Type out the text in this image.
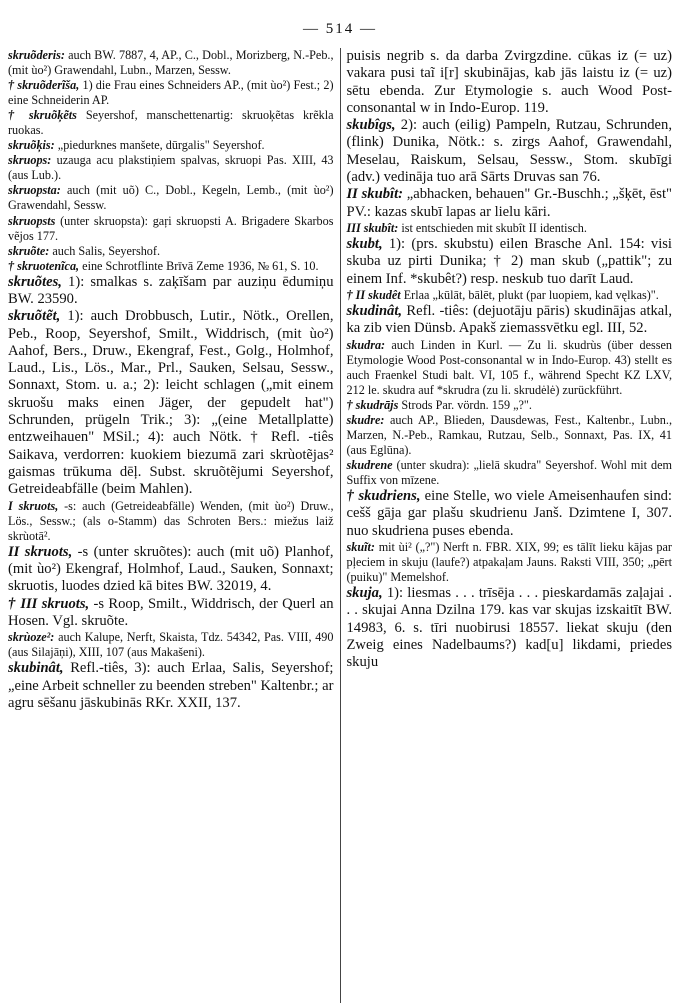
— 514 —

skruõderis: auch BW. 7887, 4, AP., C., Dobl., Morizberg, N.-Peb., (mit ùo²) Grawendahl, Lubn., Marzen, Sessw.

† skruõderĩša, 1) die Frau eines Schneiders AP., (mit ùo²) Fest.; 2) eine Schneiderin AP.

† skruõķẽts Seyershof, manschettenartig: skruoķẽtas krẽkla ruokas.

skruõķis: „piedurknes manšete, dūrgalis" Seyershof.

skruops: uzauga acu plakstiņiem spalvas, skruopi Pas. XIII, 43 (aus Lub.).

skruopsta: auch (mit uõ) C., Dobl., Kegeln, Lemb., (mit ùo²) Grawendahl, Sessw.

skruopsts (unter skruopsta): gaŗi skruopsti A. Brigadere Skarbos vẽjos 177.

skruõte: auch Salis, Seyershof.

† skruotenĩca, eine Schrotflinte Brīvā Zeme 1936, № 61, S. 10.

skruõtes, 1): smalkas s. zaķīšam par auziņu ēdumiņu BW. 23590.

skruõtẽt, 1): auch Drobbusch, Lutir., Nötk., Orellen, Peb., Roop, Seyershof, Smilt., Widdrisch, (mit ùo²) Aahof, Bers., Druw., Ekengraf, Fest., Golg., Holmhof, Laud., Lis., Lös., Mar., Prl., Sauken, Selsau, Sessw., Sonnaxt, Stom. u. a.; 2): leicht schlagen („mit einem skruošu maks einen Jäger, der gepudelt hat") Schrunden, prügeln Trik.; 3): „(eine Metallplatte) entzweihauen" MSil.; 4): auch Nötk. † Refl. -tiês Saikava, verdorren: kuokiem biezumā zari skrùotẽjas² gaismas trūkuma dēļ. Subst. skruõtẽjumi Seyershof, Getreideabfälle (beim Mahlen).

I skruots, -s: auch (Getreideabfälle) Wenden, (mit ùo²) Druw., Lös., Sessw.; (als o-Stamm) das Schroten Bers.: miežus laiž skrùotā².

II skruots, -s (unter skruõtes): auch (mit uõ) Planhof, (mit ùo²) Ekengraf, Holmhof, Laud., Sauken, Sonnaxt; skruotis, luodes dzied kā bites BW. 32019, 4.

† III skruots, -s Roop, Smilt., Widdrisch, der Querl an Hosen. Vgl. skruõte.

skrùoze²: auch Kalupe, Nerft, Skaista, Tdz. 54342, Pas. VIII, 490 (aus Silajāņi), XIII, 107 (aus Makašeni).

skubinât, Refl.-tiês, 3): auch Erlaa, Salis, Seyershof; „eine Arbeit schneller zu beenden streben" Kaltenbr.; ar agru sēšanu jāskubinās RKr. XXII, 137.

puisis negrib s. da darba Zvirgzdine. cūkas iz (= uz) vakara pusi taĩ i[r] skubinājas, kab jās laistu iz (= uz) sētu ebenda. Zur Etymologie s. auch Wood Post-consonantal w in Indo-Europ. 119.

skubîgs, 2): auch (eilig) Pampeln, Rutzau, Schrunden, (flink) Dunika, Nötk.: s. zirgs Aahof, Grawendahl, Meselau, Raiskum, Selsau, Sessw., Stom. skubīgi (adv.) vedināja tuo arā Sārts Druvas san 76.

II skubît: „abhacken, behauen" Gr.-Buschh.; „šķēt, ēst" PV.: kazas skubī lapas ar lielu kāri.

III skubît: ist entschieden mit skubît II identisch.

skubt, 1): (prs. skubstu) eilen Brasche Anl. 154: visi skuba uz pirti Dunika; † 2) man skub („pattik"; zu einem Inf. *skubêt?) resp. neskub tuo darīt Laud.

† II skudêt Erlaa „kūlāt, bālēt, plukt (par luopiem, kad vęlkas)".

skudinât, Refl. -tiês: (dejuotāju pāris) skudinājas atkal, ka zib vien Dünsb. Apakš ziemassvētku egl. III, 52.

skudra: auch Linden in Kurl. — Zu li. skudrùs (über dessen Etymologie Wood Post-consonantal w in Indo-Europ. 43) stellt es auch Fraenkel Studi balt. VI, 105 f., während Specht KZ LXV, 212 le. skudra auf *skrudra (zu li. skrudėlė) zurückführt.

† skudrājs Strods Par. vördn. 159 „?".

skudre: auch AP., Blieden, Dausdewas, Fest., Kaltenbr., Lubn., Marzen, N.-Peb., Ramkau, Rutzau, Selb., Sonnaxt, Pas. IX, 41 (aus Eglūna).

skudrene (unter skudra): „lielā skudra" Seyershof. Wohl mit dem Suffix von mīzene.

† skudriens, eine Stelle, wo viele Ameisenhaufen sind: cešš gāja gar plašu skudrienu Janš. Dzimtene I, 307. nuo skudrienа puses ebenda.

skuĩt: mit ùi² („?") Nerft n. FBR. XIX, 99; es tālīt lieku kājas par pļeciem in skuju (laufe?) atpakaļam Jauns. Raksti VIII, 350; „pērt (puiku)" Memelshof.

skuja, 1): liesmas . . . trīsēja . . . pieskardamās zaļajai . . . skujai Anna Dzilna 179. kas var skujas izskaitīt BW. 14983, 6. s. tīri nuobirusi 18557. liekat skuju (den Zweig eines Nadelbaums?) kad[u] likdami, priedes skuju
